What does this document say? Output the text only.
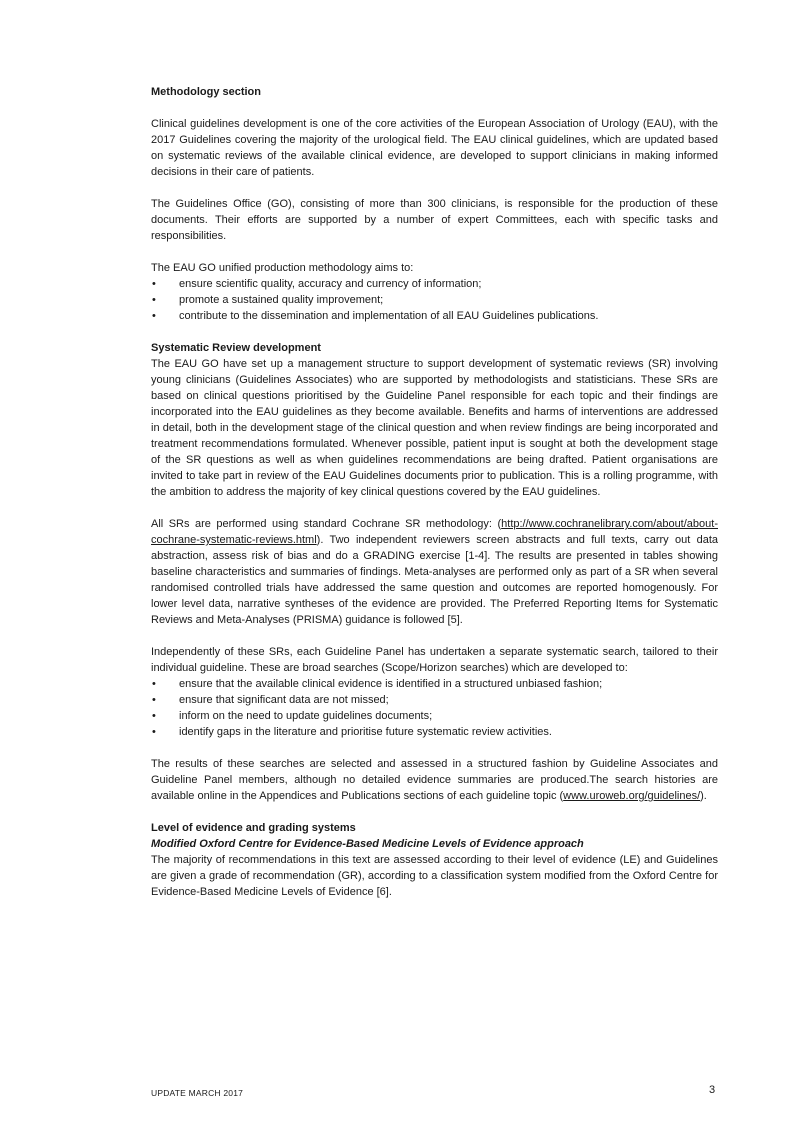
Methodology section

Clinical guidelines development is one of the core activities of the European Association of Urology (EAU), with the 2017 Guidelines covering the majority of the urological field. The EAU clinical guidelines, which are updated based on systematic reviews of the available clinical evidence, are developed to support clinicians in making informed decisions in their care of patients.

The Guidelines Office (GO), consisting of more than 300 clinicians, is responsible for the production of these documents. Their efforts are supported by a number of expert Committees, each with specific tasks and responsibilities.

The EAU GO unified production methodology aims to:

• ensure scientific quality, accuracy and currency of information;
• promote a sustained quality improvement;
• contribute to the dissemination and implementation of all EAU Guidelines publications.
Systematic Review development

The EAU GO have set up a management structure to support development of systematic reviews (SR) involving young clinicians (Guidelines Associates) who are supported by methodologists and statisticians. These SRs are based on clinical questions prioritised by the Guideline Panel responsible for each topic and their findings are incorporated into the EAU guidelines as they become available. Benefits and harms of interventions are addressed in detail, both in the development stage of the clinical question and when review findings are being incorporated and treatment recommendations formulated. Whenever possible, patient input is sought at both the development stage of the SR questions as well as when guidelines recommendations are being drafted. Patient organisations are invited to take part in review of the EAU Guidelines documents prior to publication. This is a rolling programme, with the ambition to address the majority of key clinical questions covered by the EAU guidelines.

All SRs are performed using standard Cochrane SR methodology: (http://www.cochranelibrary.com/about/about-cochrane-systematic-reviews.html). Two independent reviewers screen abstracts and full texts, carry out data abstraction, assess risk of bias and do a GRADING exercise [1-4]. The results are presented in tables showing baseline characteristics and summaries of findings. Meta-analyses are performed only as part of a SR when several randomised controlled trials have addressed the same question and outcomes are reported homogenously. For lower level data, narrative syntheses of the evidence are provided. The Preferred Reporting Items for Systematic Reviews and Meta-Analyses (PRISMA) guidance is followed [5].

Independently of these SRs, each Guideline Panel has undertaken a separate systematic search, tailored to their individual guideline. These are broad searches (Scope/Horizon searches) which are developed to:

• ensure that the available clinical evidence is identified in a structured unbiased fashion;
• ensure that significant data are not missed;
• inform on the need to update guidelines documents;
• identify gaps in the literature and prioritise future systematic review activities.

The results of these searches are selected and assessed in a structured fashion by Guideline Associates and Guideline Panel members, although no detailed evidence summaries are produced.The search histories are available online in the Appendices and Publications sections of each guideline topic (www.uroweb.org/guidelines/).

Level of evidence and grading systems
Modified Oxford Centre for Evidence-Based Medicine Levels of Evidence approach

The majority of recommendations in this text are assessed according to their level of evidence (LE) and Guidelines are given a grade of recommendation (GR), according to a classification system modified from the Oxford Centre for Evidence-Based Medicine Levels of Evidence [6].

UPDATE MARCH 2017	3
